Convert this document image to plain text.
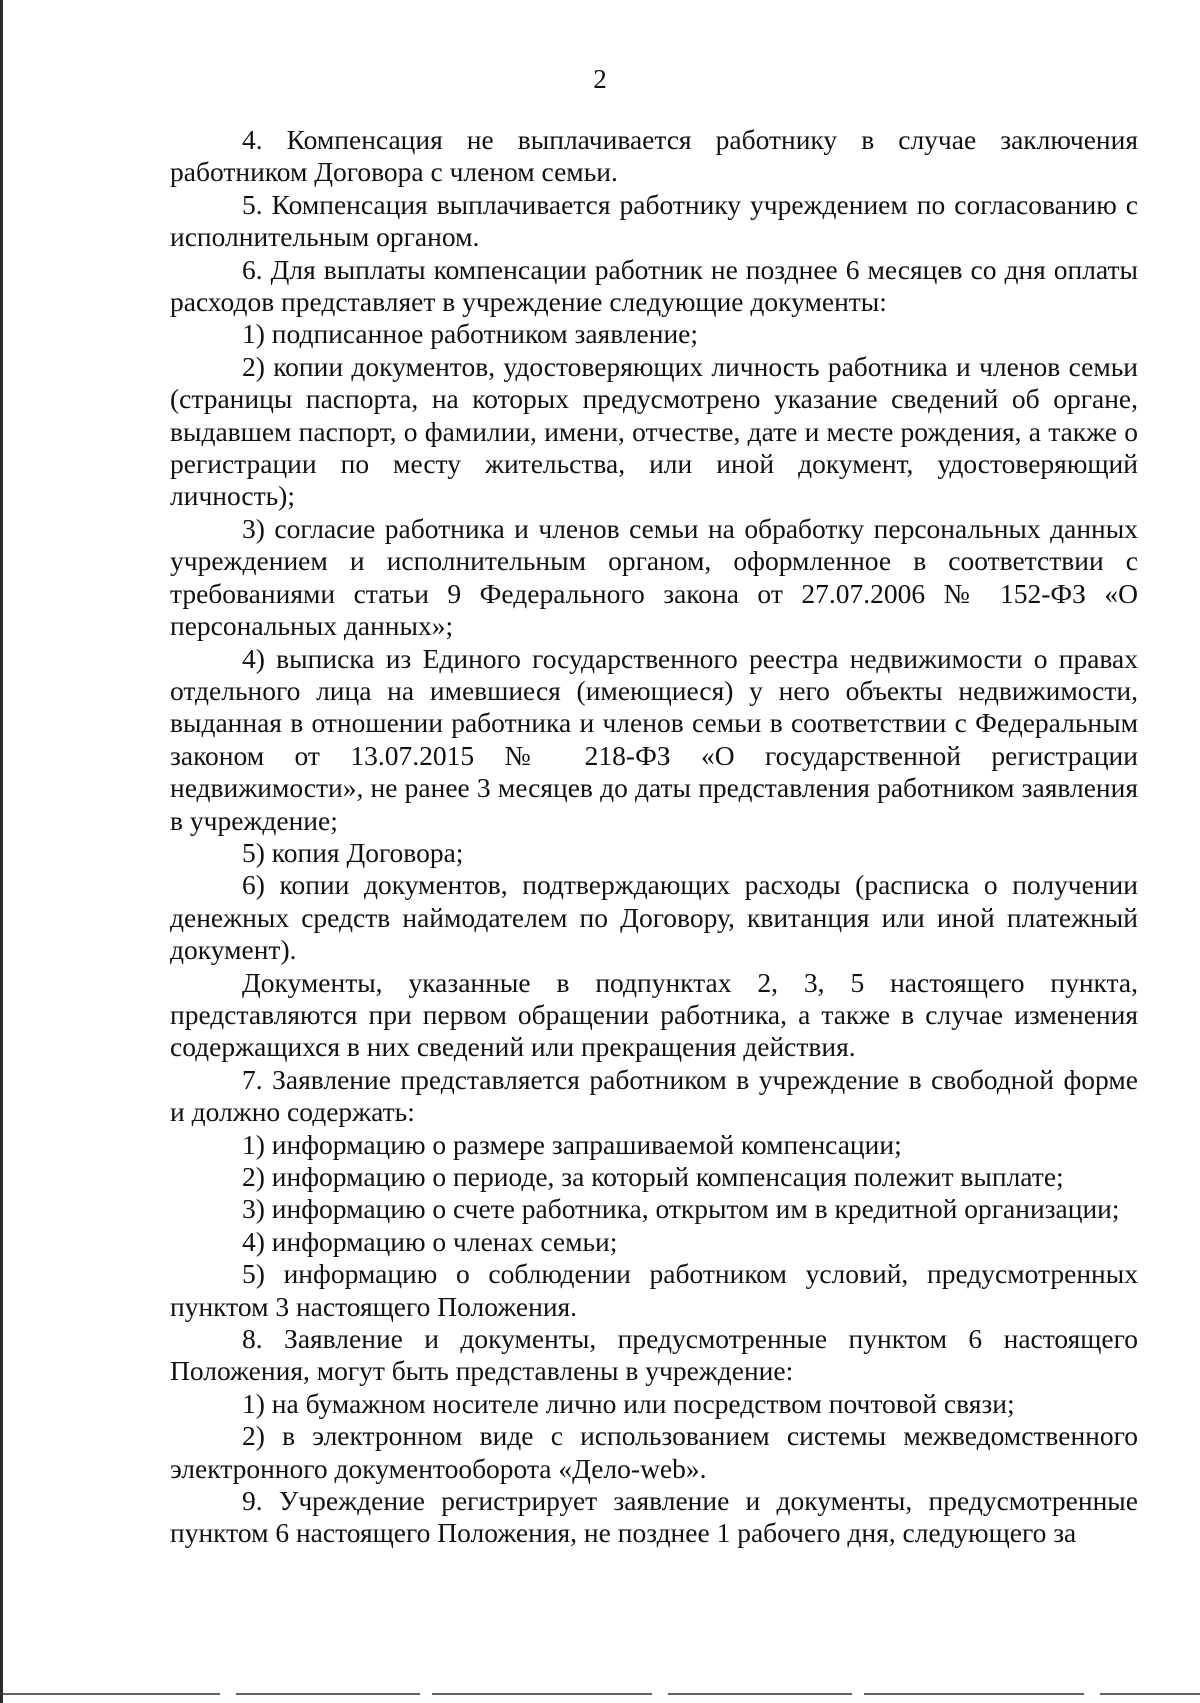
2

4. Компенсация не выплачивается работнику в случае заключения работником Договора с членом семьи.

5. Компенсация выплачивается работнику учреждением по согласованию с исполнительным органом.

6. Для выплаты компенсации работник не позднее 6 месяцев со дня оплаты расходов представляет в учреждение следующие документы:

1) подписанное работником заявление;

2) копии документов, удостоверяющих личность работника и членов семьи (страницы паспорта, на которых предусмотрено указание сведений об органе, выдавшем паспорт, о фамилии, имени, отчестве, дате и месте рождения, а также о регистрации по месту жительства, или иной документ, удостоверяющий личность);

3) согласие работника и членов семьи на обработку персональных данных учреждением и исполнительным органом, оформленное в соответствии с требованиями статьи 9 Федерального закона от 27.07.2006 № 152-ФЗ «О персональных данных»;

4) выписка из Единого государственного реестра недвижимости о правах отдельного лица на имевшиеся (имеющиеся) у него объекты недвижимости, выданная в отношении работника и членов семьи в соответствии с Федеральным законом от 13.07.2015 № 218-ФЗ «О государственной регистрации недвижимости», не ранее 3 месяцев до даты представления работником заявления в учреждение;

5) копия Договора;

6) копии документов, подтверждающих расходы (расписка о получении денежных средств наймодателем по Договору, квитанция или иной платежный документ).

Документы, указанные в подпунктах 2, 3, 5 настоящего пункта, представляются при первом обращении работника, а также в случае изменения содержащихся в них сведений или прекращения действия.

7. Заявление представляется работником в учреждение в свободной форме и должно содержать:

1) информацию о размере запрашиваемой компенсации;

2) информацию о периоде, за который компенсация полежит выплате;

3) информацию о счете работника, открытом им в кредитной организации;

4) информацию о членах семьи;

5) информацию о соблюдении работником условий, предусмотренных пунктом 3 настоящего Положения.

8. Заявление и документы, предусмотренные пунктом 6 настоящего Положения, могут быть представлены в учреждение:

1) на бумажном носителе лично или посредством почтовой связи;

2) в электронном виде с использованием системы межведомственного электронного документооборота «Дело-web».

9. Учреждение регистрирует заявление и документы, предусмотренные пунктом 6 настоящего Положения, не позднее 1 рабочего дня, следующего за
